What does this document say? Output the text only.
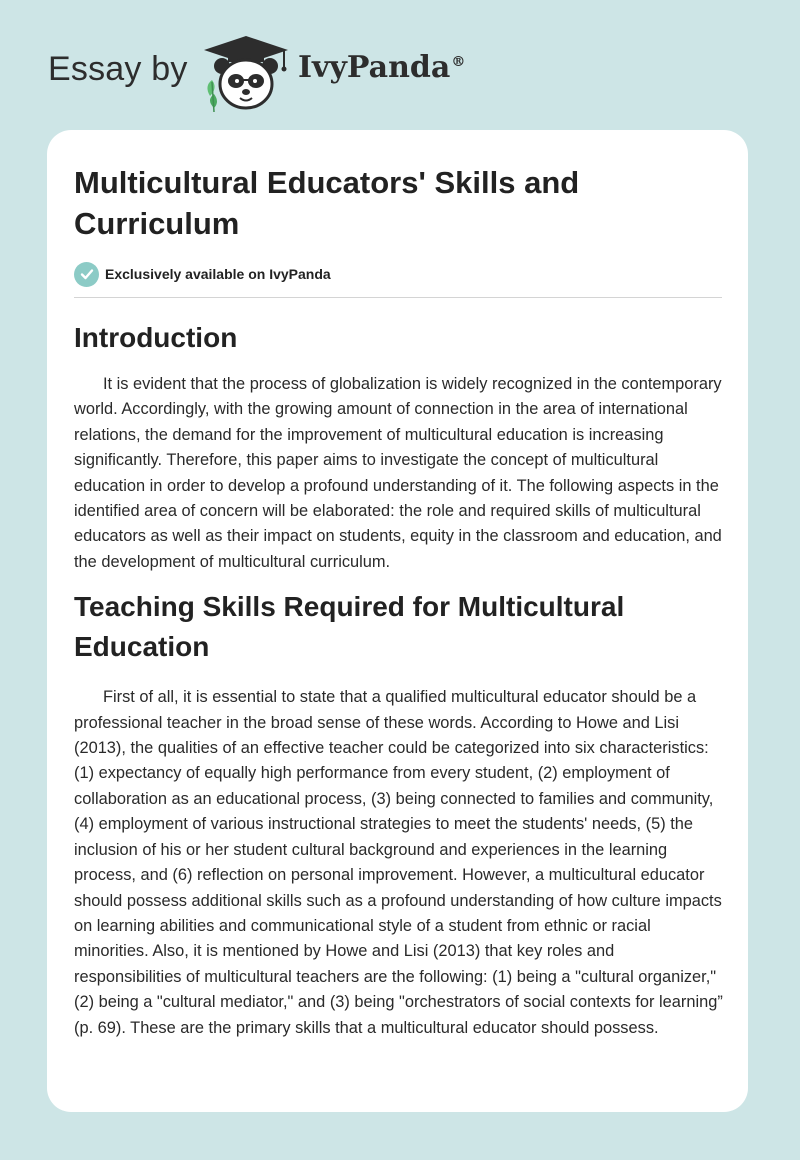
Essay by	IvyPanda®
Multicultural Educators' Skills and Curriculum
Exclusively available on IvyPanda
Introduction

It is evident that the process of globalization is widely recognized in the contemporary world. Accordingly, with the growing amount of connection in the area of international relations, the demand for the improvement of multicultural education is increasing significantly. Therefore, this paper aims to investigate the concept of multicultural education in order to develop a profound understanding of it. The following aspects in the identified area of concern will be elaborated: the role and required skills of multicultural educators as well as their impact on students, equity in the classroom and education, and the development of multicultural curriculum.

Teaching Skills Required for Multicultural Education

First of all, it is essential to state that a qualified multicultural educator should be a professional teacher in the broad sense of these words. According to Howe and Lisi (2013), the qualities of an effective teacher could be categorized into six characteristics: (1) expectancy of equally high performance from every student, (2) employment of collaboration as an educational process, (3) being connected to families and community, (4) employment of various instructional strategies to meet the students' needs, (5) the inclusion of his or her student cultural background and experiences in the learning process, and (6) reflection on personal improvement. However, a multicultural educator should possess additional skills such as a profound understanding of how culture impacts on learning abilities and communicational style of a student from ethnic or racial minorities. Also, it is mentioned by Howe and Lisi (2013) that key roles and responsibilities of multicultural teachers are the following: (1) being a "cultural organizer," (2) being a "cultural mediator," and (3) being "orchestrators of social contexts for learning” (p. 69). These are the primary skills that a multicultural educator should possess.
